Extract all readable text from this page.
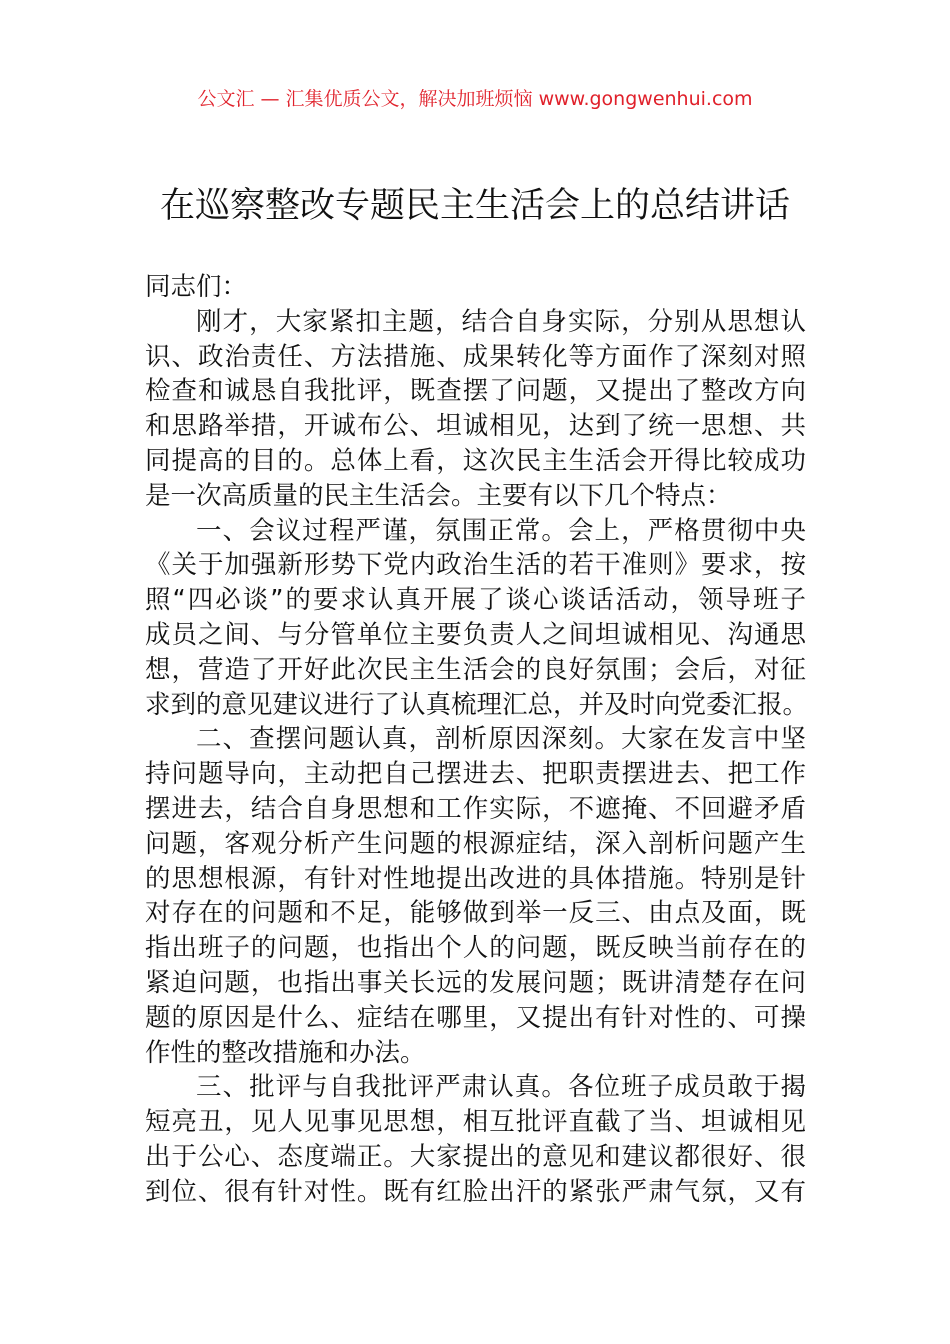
公文汇 — 汇集优质公文，解决加班烦恼 www.gongwenhui.com
在巡察整改专题民主生活会上的总结讲话
同志们：
刚才，大家紧扣主题，结合自身实际，分别从思想认
识、政治责任、方法措施、成果转化等方面作了深刻对照
检查和诚恳自我批评，既查摆了问题，又提出了整改方向
和思路举措，开诚布公、坦诚相见，达到了统一思想、共
同提高的目的。总体上看，这次民主生活会开得比较成功
是一次高质量的民主生活会。主要有以下几个特点：
一、会议过程严谨，氛围正常。会上，严格贯彻中央
《关于加强新形势下党内政治生活的若干准则》要求，按
照“四必谈”的要求认真开展了谈心谈话活动，领导班子
成员之间、与分管单位主要负责人之间坦诚相见、沟通思
想，营造了开好此次民主生活会的良好氛围；会后，对征
求到的意见建议进行了认真梳理汇总，并及时向党委汇报。
二、查摆问题认真，剖析原因深刻。大家在发言中坚
持问题导向，主动把自己摆进去、把职责摆进去、把工作
摆进去，结合自身思想和工作实际，不遮掩、不回避矛盾
问题，客观分析产生问题的根源症结，深入剖析问题产生
的思想根源，有针对性地提出改进的具体措施。特别是针
对存在的问题和不足，能够做到举一反三、由点及面，既
指出班子的问题，也指出个人的问题，既反映当前存在的
紧迫问题，也指出事关长远的发展问题；既讲清楚存在问
题的原因是什么、症结在哪里，又提出有针对性的、可操
作性的整改措施和办法。
三、批评与自我批评严肃认真。各位班子成员敢于揭
短亮丑，见人见事见思想，相互批评直截了当、坦诚相见
出于公心、态度端正。大家提出的意见和建议都很好、很
到位、很有针对性。既有红脸出汗的紧张严肃气氛，又有
